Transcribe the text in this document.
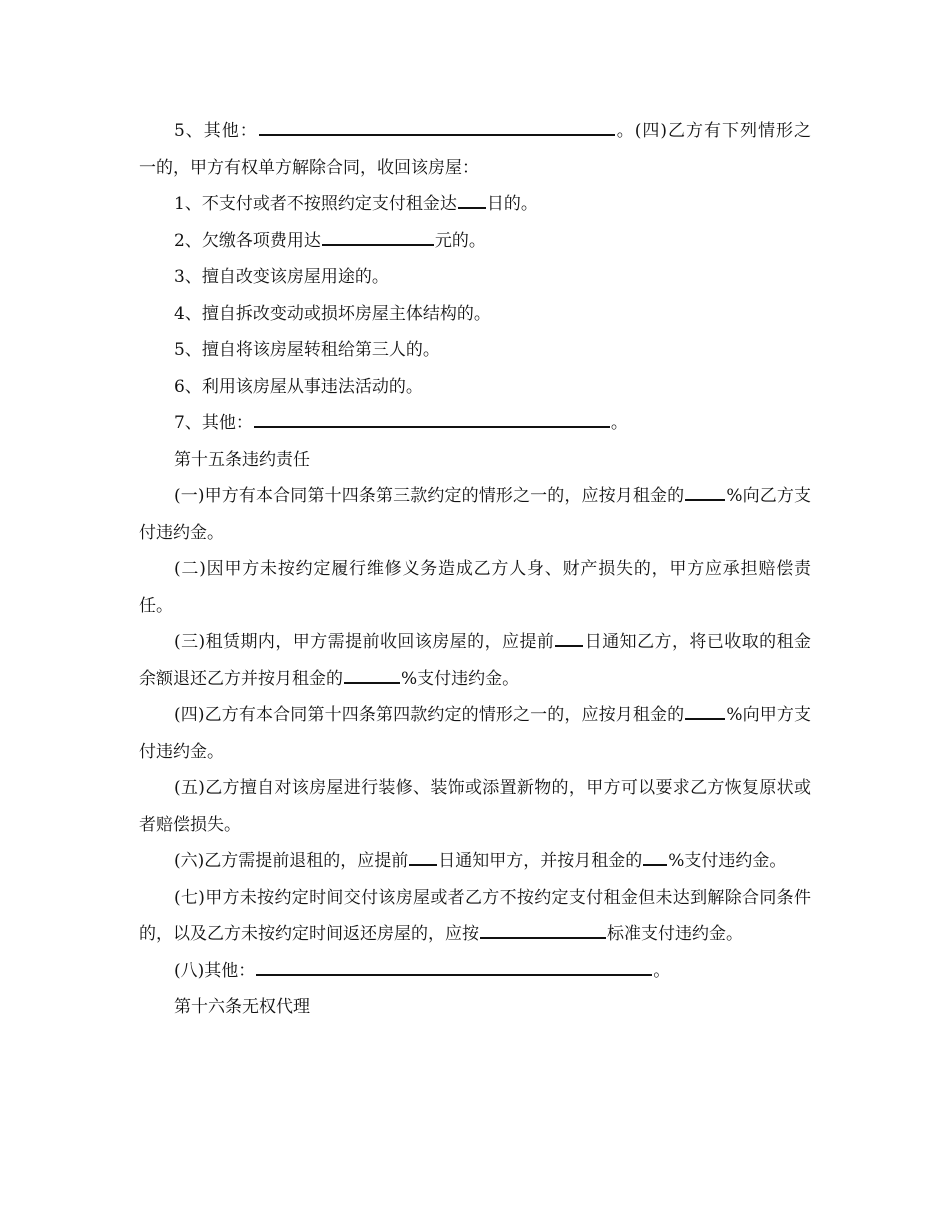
5、其他：	。(四)乙方有下列情形之一的，甲方有权单方解除合同，收回该房屋：

1、不支付或者不按照约定支付租金达 日的。

2、欠缴各项费用达	元的。

3、擅自改变该房屋用途的。

4、擅自拆改变动或损坏房屋主体结构的。

5、擅自将该房屋转租给第三人的。

6、利用该房屋从事违法活动的。

7、其他：	。

第十五条违约责任

(一)甲方有本合同第十四条第三款约定的情形之一的，应按月租金的 %向乙方支付违约金。

(二)因甲方未按约定履行维修义务造成乙方人身、财产损失的，甲方应承担赔偿责任。

(三)租赁期内，甲方需提前收回该房屋的，应提前 日通知乙方，将已收取的租金余额退还乙方并按月租金的	%支付违约金。

(四)乙方有本合同第十四条第四款约定的情形之一的，应按月租金的 %向甲方支付违约金。

(五)乙方擅自对该房屋进行装修、装饰或添置新物的，甲方可以要求乙方恢复原状或者赔偿损失。

(六)乙方需提前退租的，应提前 日通知甲方，并按月租金的 %支付违约金。

(七)甲方未按约定时间交付该房屋或者乙方不按约定支付租金但未达到解除合同条件的，以及乙方未按约定时间返还房屋的，应按	标准支付违约金。

(八)其他：	。

第十六条无权代理
